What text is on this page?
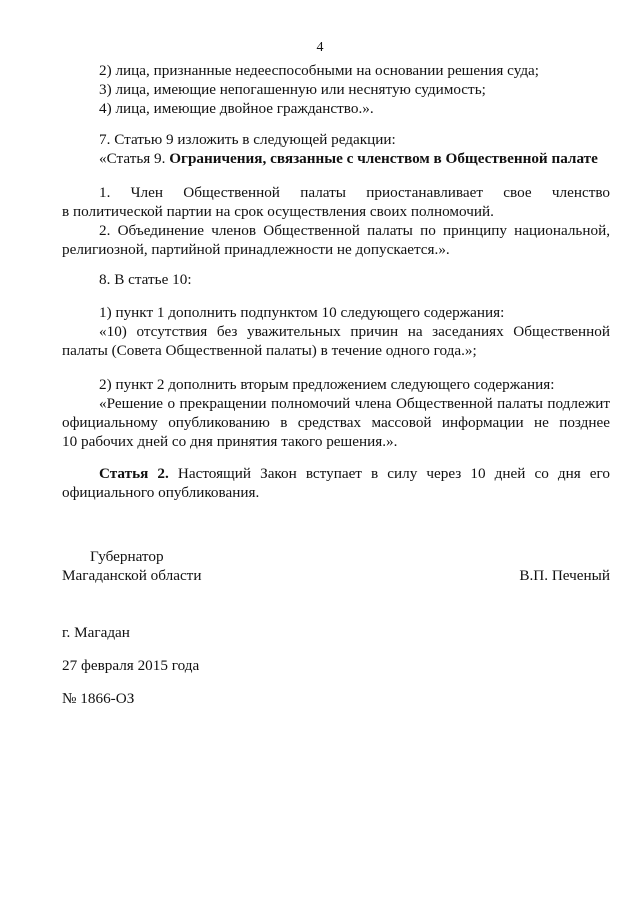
4
2) лица, признанные недееспособными на основании решения суда;
3) лица, имеющие непогашенную или неснятую судимость;
4) лица, имеющие двойное гражданство.».
7. Статью 9 изложить в следующей редакции:
«Статья 9. Ограничения, связанные с членством в Общественной палате
1. Член Общественной палаты приостанавливает свое членство
в политической партии на срок осуществления своих полномочий.
2. Объединение членов Общественной палаты по принципу национальной,
религиозной, партийной принадлежности не допускается.».
8. В статье 10:
1) пункт 1 дополнить подпунктом 10 следующего содержания:
«10) отсутствия без уважительных причин на заседаниях Общественной
палаты (Совета Общественной палаты) в течение одного года.»;
2) пункт 2 дополнить вторым предложением следующего содержания:
«Решение о прекращении полномочий члена Общественной палаты подлежит
официальному опубликованию в средствах массовой информации не позднее
10 рабочих дней со дня принятия такого решения.».
Статья 2. Настоящий Закон вступает в силу через 10 дней со дня его
официального опубликования.
Губернатор
Магаданской области	В.П. Печеный
г. Магадан
27 февраля 2015 года
№ 1866-ОЗ
